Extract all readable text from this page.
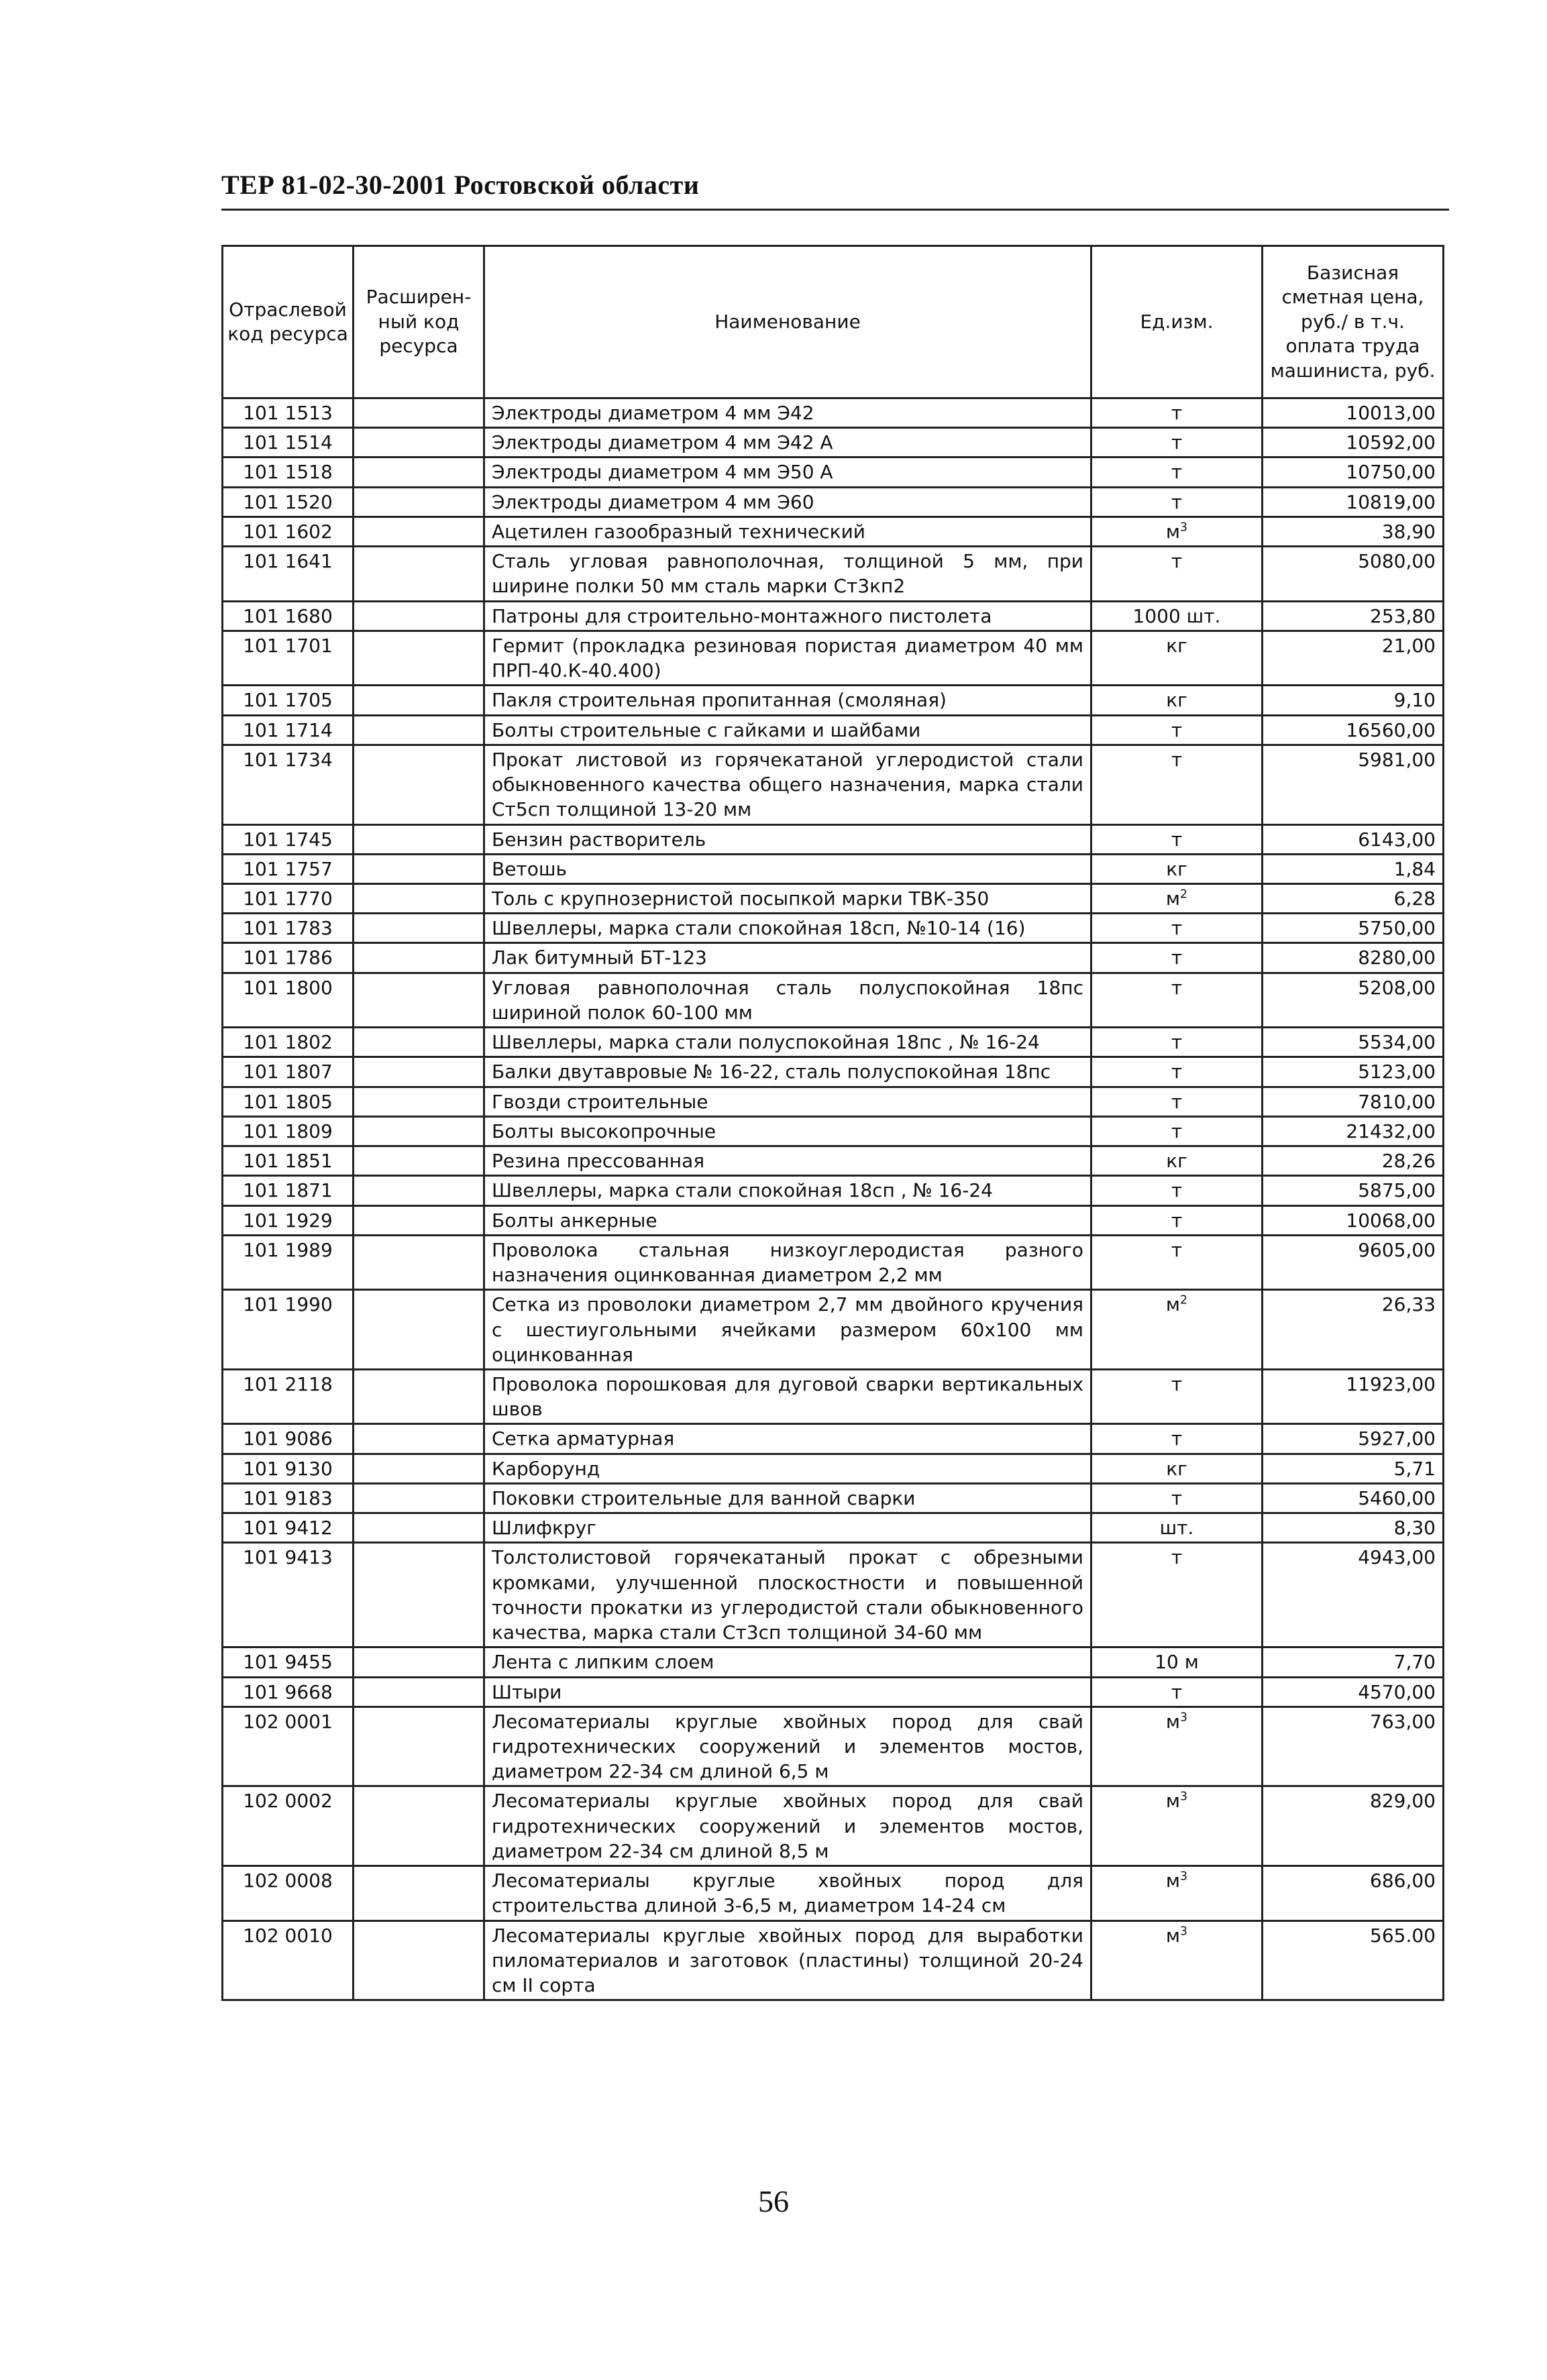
ТЕР 81-02-30-2001 Ростовской области
Отраслевой код ресурса	Расширен-ный код ресурса	Наименование	Ед.изм.	Базисная сметная цена, руб./ в т.ч. оплата труда машиниста, руб.
101 1513		Электроды диаметром 4 мм Э42	т	10013,00
101 1514		Электроды диаметром 4 мм Э42 А	т	10592,00
101 1518		Электроды диаметром 4 мм Э50 А	т	10750,00
101 1520		Электроды диаметром 4 мм Э60	т	10819,00
101 1602		Ацетилен газообразный технический	$м^3$	38,90
101 1641		Сталь угловая равнополочная, толщиной 5 мм, при ширине полки 50 мм сталь марки Ст3кп2	т	5080,00
101 1680		Патроны для строительно-монтажного пистолета	1000 шт.	253,80
101 1701		Гермит (прокладка резиновая пористая диаметром 40 мм ПРП-40.К-40.400)	кг	21,00
101 1705		Пакля строительная пропитанная (смоляная)	кг	9,10
101 1714		Болты строительные с гайками и шайбами	т	16560,00
101 1734		Прокат листовой из горячекатаной углеродистой стали обыкновенного качества общего назначения, марка стали Ст5сп толщиной 13-20 мм	т	5981,00
101 1745		Бензин растворитель	т	6143,00
101 1757		Ветошь	кг	1,84
101 1770		Толь с крупнозернистой посыпкой марки ТВК-350	$м^2$	6,28
101 1783		Швеллеры, марка стали спокойная 18сп, №10-14 (16)	т	5750,00
101 1786		Лак битумный БТ-123	т	8280,00
101 1800		Угловая равнополочная сталь полуспокойная 18пс шириной полок 60-100 мм	т	5208,00
101 1802		Швеллеры, марка стали полуспокойная 18пс , № 16-24	т	5534,00
101 1807		Балки двутавровые № 16-22, сталь полуспокойная 18пс	т	5123,00
101 1805		Гвозди строительные	т	7810,00
101 1809		Болты высокопрочные	т	21432,00
101 1851		Резина прессованная	кг	28,26
101 1871		Швеллеры, марка стали спокойная 18сп , № 16-24	т	5875,00
101 1929		Болты анкерные	т	10068,00
101 1989		Проволока стальная низкоуглеродистая разного назначения оцинкованная диаметром 2,2 мм	т	9605,00
101 1990		Сетка из проволоки диаметром 2,7 мм двойного кручения с шестиугольными ячейками размером 60х100 мм оцинкованная	$м^2$	26,33
101 2118		Проволока порошковая для дуговой сварки вертикальных швов	т	11923,00
101 9086		Сетка арматурная	т	5927,00
101 9130		Карборунд	кг	5,71
101 9183		Поковки строительные для ванной сварки	т	5460,00
101 9412		Шлифкруг	шт.	8,30
101 9413		Толстолистовой горячекатаный прокат с обрезными кромками, улучшенной плоскостности и повышенной точности прокатки из углеродистой стали обыкновенного качества, марка стали Ст3сп толщиной 34-60 мм	т	4943,00
101 9455		Лента с липким слоем	10 м	7,70
101 9668		Штыри	т	4570,00
102 0001		Лесоматериалы круглые хвойных пород для свай гидротехнических сооружений и элементов мостов, диаметром 22-34 см длиной 6,5 м	$м^3$	763,00
102 0002		Лесоматериалы круглые хвойных пород для свай гидротехнических сооружений и элементов мостов, диаметром 22-34 см длиной 8,5 м	$м^3$	829,00
102 0008		Лесоматериалы круглые хвойных пород для строительства длиной 3-6,5 м, диаметром 14-24 см	$м^3$	686,00
102 0010		Лесоматериалы круглые хвойных пород для выработки пиломатериалов и заготовок (пластины) толщиной 20-24 см II сорта	$м^3$	565.00
56
